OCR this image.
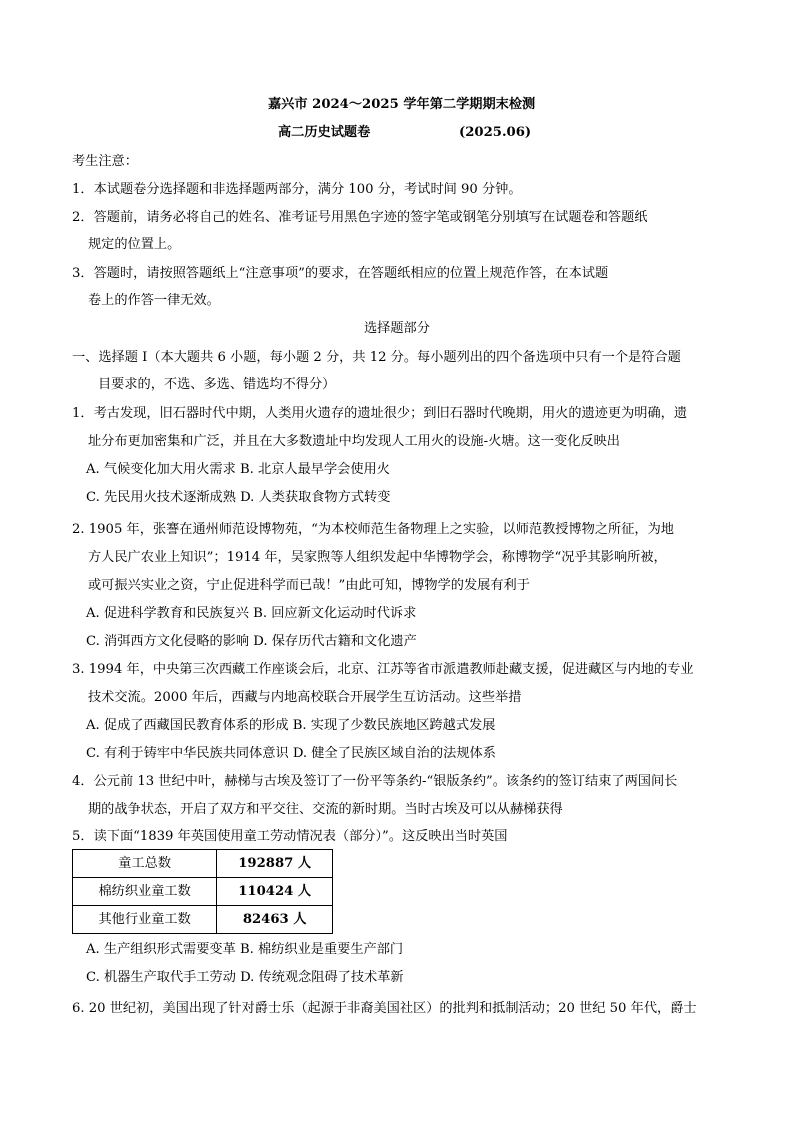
嘉兴市 2024～2025 学年第二学期期末检测
高二历史试题卷	(2025.06)
考生注意：
1．本试题卷分选择题和非选择题两部分，满分 100 分，考试时间 90 分钟。
2．答题前，请务必将自己的姓名、准考证号用黑色字迹的签字笔或钢笔分别填写在试题卷和答题纸
规定的位置上。
3．答题时，请按照答题纸上“注意事项”的要求，在答题纸相应的位置上规范作答，在本试题
卷上的作答一律无效。
选择题部分
一、选择题 I（本大题共 6 小题，每小题 2 分，共 12 分。每小题列出的四个备选项中只有一个是符合题
目要求的，不选、多选、错选均不得分）
1．考古发现，旧石器时代中期，人类用火遗存的遗址很少；到旧石器时代晚期，用火的遗迹更为明确，遗
址分布更加密集和广泛，并且在大多数遗址中均发现人工用火的设施-火塘。这一变化反映出
A. 气候变化加大用火需求 B. 北京人最早学会使用火
C. 先民用火技术逐渐成熟 D. 人类获取食物方式转变
2. 1905 年，张謇在通州师范设博物苑，“为本校师范生备物理上之实验，以师范教授博物之所征，为地
方人民广农业上知识”；1914 年，吴家煦等人组织发起中华博物学会，称博物学“况乎其影响所被，
或可振兴实业之资，宁止促进科学而已哉！”由此可知，博物学的发展有利于
A. 促进科学教育和民族复兴 B. 回应新文化运动时代诉求
C. 消弭西方文化侵略的影响 D. 保存历代古籍和文化遗产
3. 1994 年，中央第三次西藏工作座谈会后，北京、江苏等省市派遣教师赴藏支援，促进藏区与内地的专业
技术交流。2000 年后，西藏与内地高校联合开展学生互访活动。这些举措
A. 促成了西藏国民教育体系的形成 B. 实现了少数民族地区跨越式发展
C. 有利于铸牢中华民族共同体意识 D. 健全了民族区域自治的法规体系
4．公元前 13 世纪中叶，赫梯与古埃及签订了一份平等条约-“银版条约”。该条约的签订结束了两国间长
期的战争状态，开启了双方和平交往、交流的新时期。当时古埃及可以从赫梯获得
5．读下面“1839 年英国使用童工劳动情况表（部分）”。这反映出当时英国
童工总数	192887 人
棉纺织业童工数	110424 人
其他行业童工数	82463 人
A. 生产组织形式需要变革 B. 棉纺织业是重要生产部门
C. 机器生产取代手工劳动 D. 传统观念阻碍了技术革新
6. 20 世纪初，美国出现了针对爵士乐（起源于非裔美国社区）的批判和抵制活动；20 世纪 50 年代，爵士
